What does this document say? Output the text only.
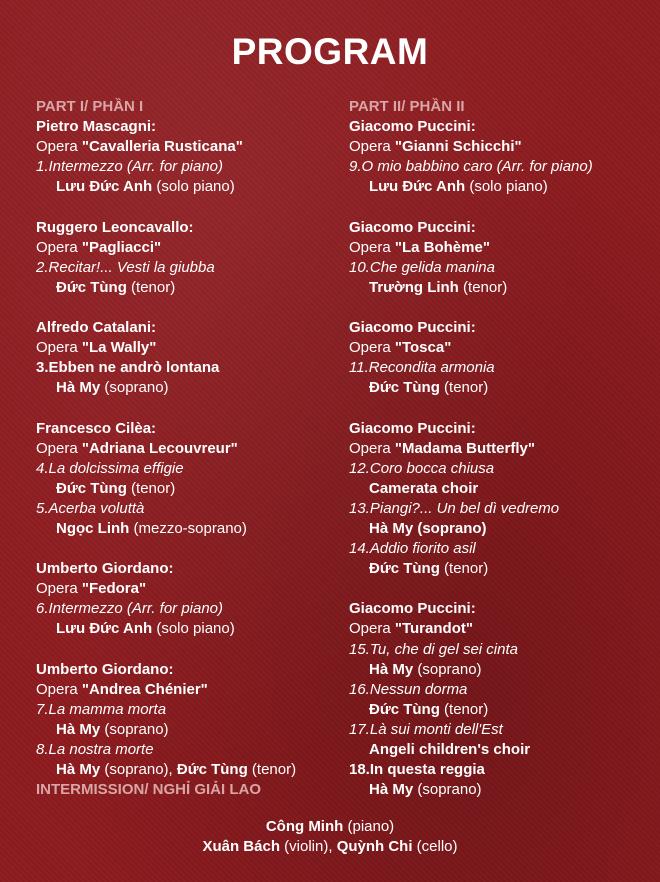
PROGRAM
PART I/ PHẦN I
Pietro Mascagni:
Opera "Cavalleria Rusticana"
1.Intermezzo (Arr. for piano)
Lưu Đức Anh (solo piano)
Ruggero Leoncavallo:
Opera "Pagliacci"
2.Recitar!... Vesti la giubba
Đức Tùng (tenor)
Alfredo Catalani:
Opera "La Wally"
3.Ebben ne andrò lontana
Hà My (soprano)
Francesco Cilèa:
Opera "Adriana Lecouvreur"
4.La dolcissima effigie
Đức Tùng (tenor)
5.Acerba voluttà
Ngọc Linh (mezzo-soprano)
Umberto Giordano:
Opera "Fedora"
6.Intermezzo (Arr. for piano)
Lưu Đức Anh (solo piano)
Umberto Giordano:
Opera "Andrea Chénier"
7.La mamma morta
Hà My (soprano)
8.La nostra morte
Hà My (soprano), Đức Tùng (tenor)
INTERMISSION/ NGHỈ GIẢI LAO
PART II/ PHẦN II
Giacomo Puccini:
Opera "Gianni Schicchi"
9.O mio babbino caro (Arr. for piano)
Lưu Đức Anh (solo piano)
Giacomo Puccini:
Opera "La Bohème"
10.Che gelida manina
Trường Linh (tenor)
Giacomo Puccini:
Opera "Tosca"
11.Recondita armonia
Đức Tùng (tenor)
Giacomo Puccini:
Opera "Madama Butterfly"
12.Coro bocca chiusa
Camerata choir
13.Piangi?... Un bel dì vedremo
Hà My (soprano)
14.Addio fiorito asil
Đức Tùng (tenor)
Giacomo Puccini:
Opera "Turandot"
15.Tu, che di gel sei cinta
Hà My (soprano)
16.Nessun dorma
Đức Tùng (tenor)
17.Là sui monti dell'Est
Angeli children's choir
18.In questa reggia
Hà My (soprano)
Công Minh (piano)
Xuân Bách (violin), Quỳnh Chi (cello)
